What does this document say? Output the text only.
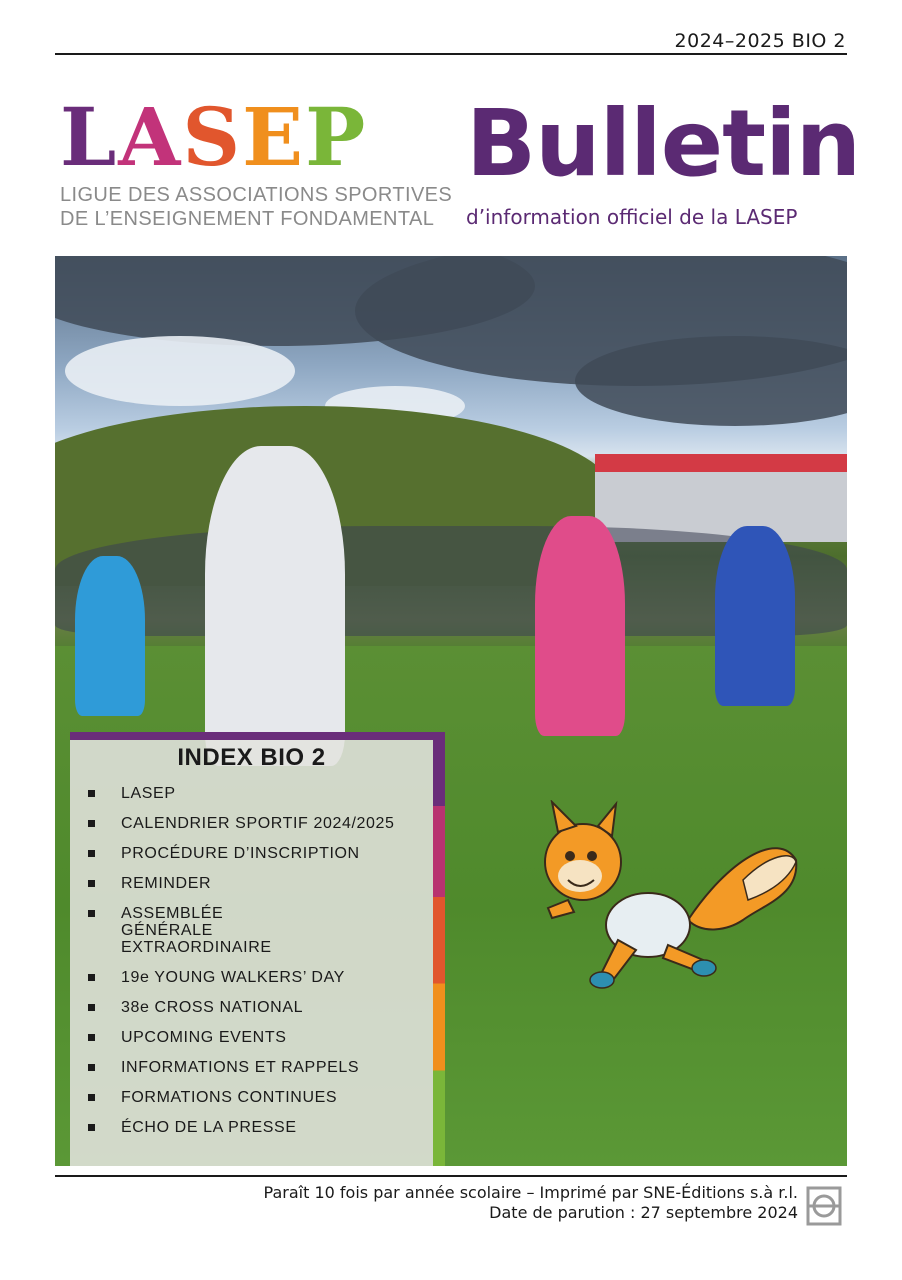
2024–2025 BIO 2
LASEP
LIGUE DES ASSOCIATIONS SPORTIVES
DE L’ENSEIGNEMENT FONDAMENTAL
Bulletin
d’information officiel de la LASEP
INDEX BIO 2
LASEP
CALENDRIER SPORTIF 2024/2025
PROCÉDURE D’INSCRIPTION
REMINDER
ASSEMBLÉE GÉNÉRALE EXTRAORDINAIRE
19e YOUNG WALKERS’ DAY
38e CROSS NATIONAL
UPCOMING EVENTS
INFORMATIONS ET RAPPELS
FORMATIONS CONTINUES
ÉCHO DE LA PRESSE
Paraît 10 fois par année scolaire – Imprimé par SNE-Éditions s.à r.l.
Date de parution : 27 septembre 2024
